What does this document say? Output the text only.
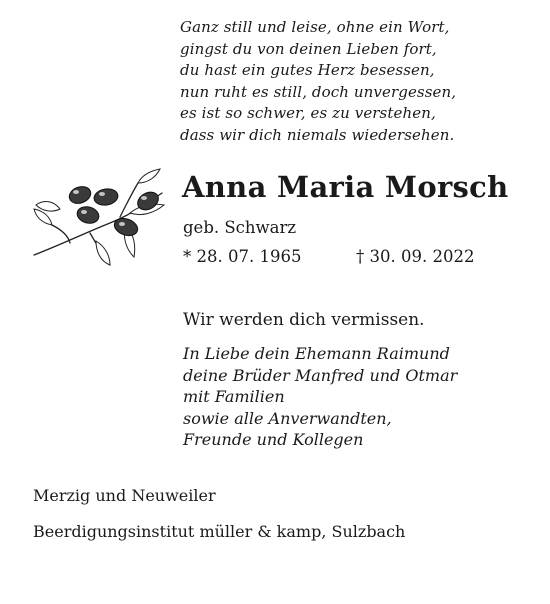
Ganz still und leise, ohne ein Wort,
gingst du von deinen Lieben fort,
du hast ein gutes Herz besessen,
nun ruht es still, doch unvergessen,
es ist so schwer, es zu verstehen,
dass wir dich niemals wiedersehen.
Anna Maria Morsch
geb. Schwarz
* 28. 07. 1965	† 30. 09. 2022
Wir werden dich vermissen.
In Liebe dein Ehemann Raimund
deine Brüder Manfred und Otmar
mit Familien
sowie alle Anverwandten,
Freunde und Kollegen
Merzig und Neuweiler
Beerdigungsinstitut müller & kamp, Sulzbach
